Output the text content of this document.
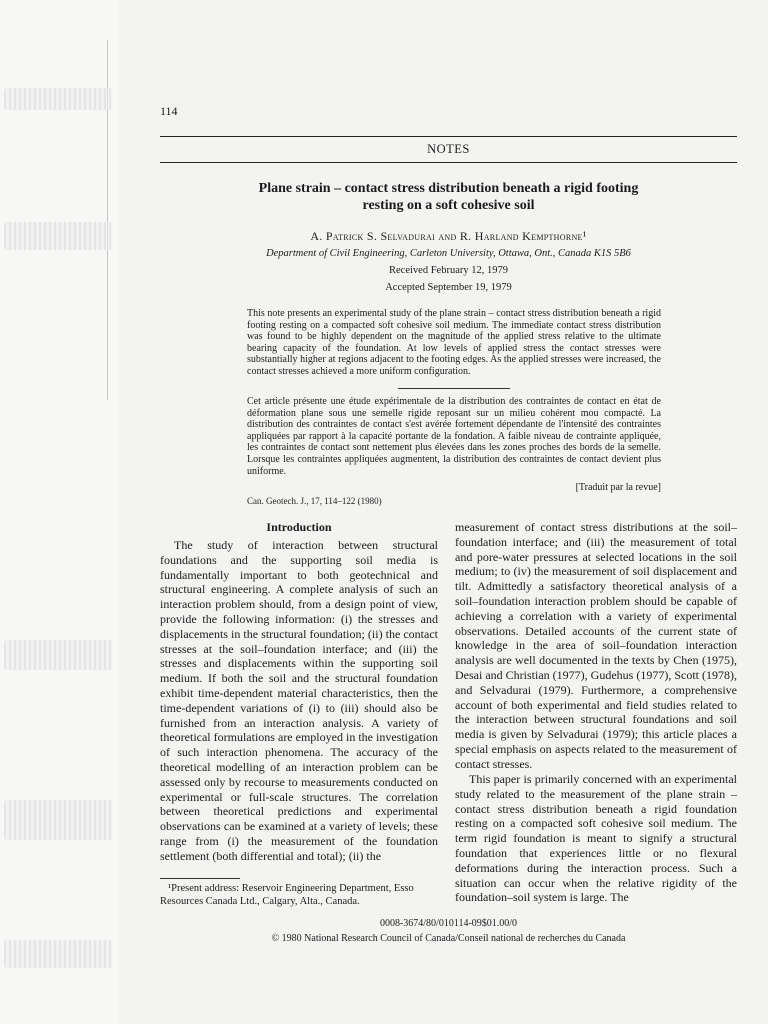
114
NOTES
Plane strain – contact stress distribution beneath a rigid footing
resting on a soft cohesive soil
A. Patrick S. Selvadurai and R. Harland Kempthorne¹
Department of Civil Engineering, Carleton University, Ottawa, Ont., Canada K1S 5B6
Received February 12, 1979
Accepted September 19, 1979
This note presents an experimental study of the plane strain – contact stress distribution beneath a rigid footing resting on a compacted soft cohesive soil medium. The immediate contact stress distribution was found to be highly dependent on the magnitude of the applied stress relative to the ultimate bearing capacity of the foundation. At low levels of applied stress the contact stresses were substantially higher at regions adjacent to the footing edges. As the applied stresses were increased, the contact stresses achieved a more uniform configuration.
Cet article présente une étude expérimentale de la distribution des contraintes de contact en état de déformation plane sous une semelle rigide reposant sur un milieu cohérent mou compacté. La distribution des contraintes de contact s'est avérée fortement dépendante de l'intensité des contraintes appliquées par rapport à la capacité portante de la fondation. A faible niveau de contrainte appliquée, les contraintes de contact sont nettement plus élevées dans les zones proches des bords de la semelle. Lorsque les contraintes appliquées augmentent, la distribution des contraintes de contact devient plus uniforme.
[Traduit par la revue]
Can. Geotech. J., 17, 114–122 (1980)
Introduction
The study of interaction between structural foundations and the supporting soil media is fundamentally important to both geotechnical and structural engineering. A complete analysis of such an interaction problem should, from a design point of view, provide the following information: (i) the stresses and displacements in the structural foundation; (ii) the contact stresses at the soil–foundation interface; and (iii) the stresses and displacements within the supporting soil medium. If both the soil and the structural foundation exhibit time-dependent material characteristics, then the time-dependent variations of (i) to (iii) should also be furnished from an interaction analysis. A variety of theoretical formulations are employed in the investigation of such interaction phenomena. The accuracy of the theoretical modelling of an interaction problem can be assessed only by recourse to measurements conducted on experimental or full-scale structures. The correlation between theoretical predictions and experimental observations can be examined at a variety of levels; these range from (i) the measurement of the foundation settlement (both differential and total); (ii) the
measurement of contact stress distributions at the soil–foundation interface; and (iii) the measurement of total and pore-water pressures at selected locations in the soil medium; to (iv) the measurement of soil displacement and tilt. Admittedly a satisfactory theoretical analysis of a soil–foundation interaction problem should be capable of achieving a correlation with a variety of experimental observations. Detailed accounts of the current state of knowledge in the area of soil–foundation interaction analysis are well documented in the texts by Chen (1975), Desai and Christian (1977), Gudehus (1977), Scott (1978), and Selvadurai (1979). Furthermore, a comprehensive account of both experimental and field studies related to the interaction between structural foundations and soil media is given by Selvadurai (1979); this article places a special emphasis on aspects related to the measurement of contact stresses.
This paper is primarily concerned with an experimental study related to the measurement of the plane strain – contact stress distribution beneath a rigid foundation resting on a compacted soft cohesive soil medium. The term rigid foundation is meant to signify a structural foundation that experiences little or no flexural deformations during the interaction process. Such a situation can occur when the relative rigidity of the foundation–soil system is large. The
¹Present address: Reservoir Engineering Department, Esso Resources Canada Ltd., Calgary, Alta., Canada.
0008-3674/80/010114-09$01.00/0
© 1980 National Research Council of Canada/Conseil national de recherches du Canada
